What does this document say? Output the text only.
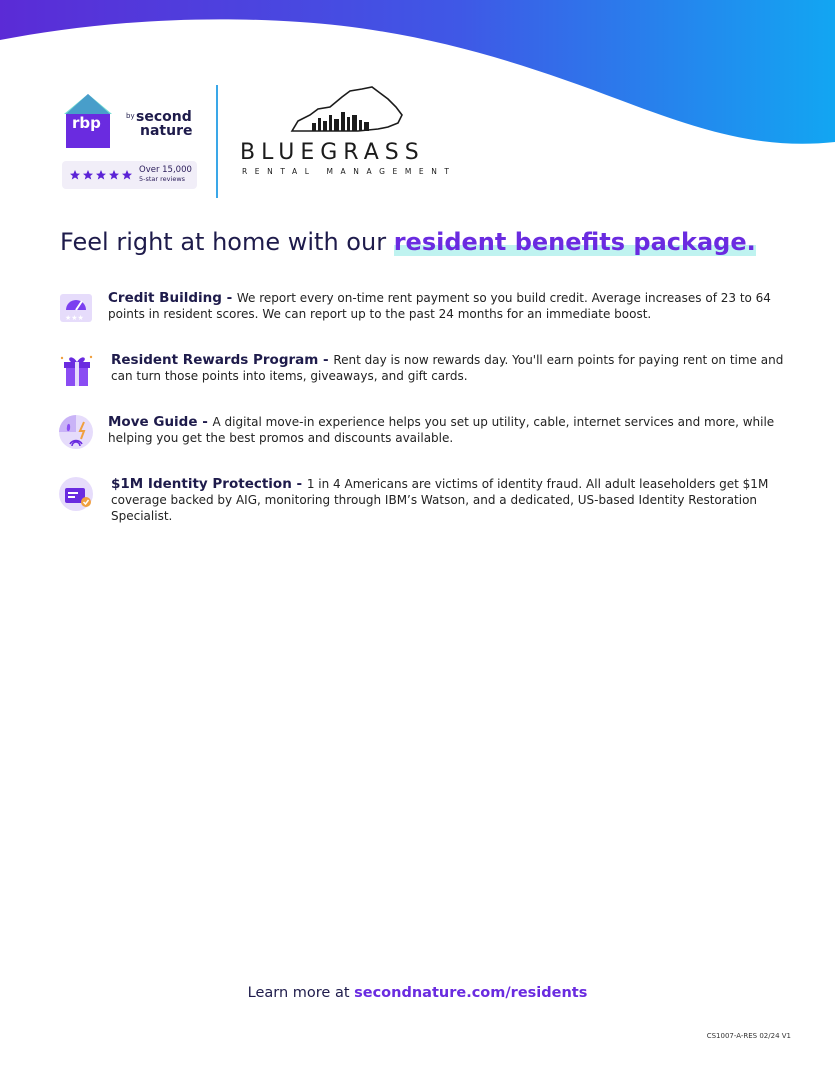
rbp	by second
nature
Over 15,000
5-star reviews
BLUEGRASS
RENTAL MANAGEMENT
Feel right at home with our resident benefits package.
★★★
Credit Building - We report every on-time rent payment so you build credit. Average increases of 23 to 64 points in resident scores. We can report up to the past 24 months for an immediate boost.
Resident Rewards Program - Rent day is now rewards day. You'll earn points for paying rent on time and can turn those points into items, giveaways, and gift cards.
Move Guide - A digital move-in experience helps you set up utility, cable, internet services and more, while helping you get the best promos and discounts available.
$1M Identity Protection - 1 in 4 Americans are victims of identity fraud. All adult leaseholders get $1M coverage backed by AIG, monitoring through IBM’s Watson, and a dedicated, US-based Identity Restoration Specialist.
Learn more at secondnature.com/residents
CS1007-A-RES 02/24 V1
